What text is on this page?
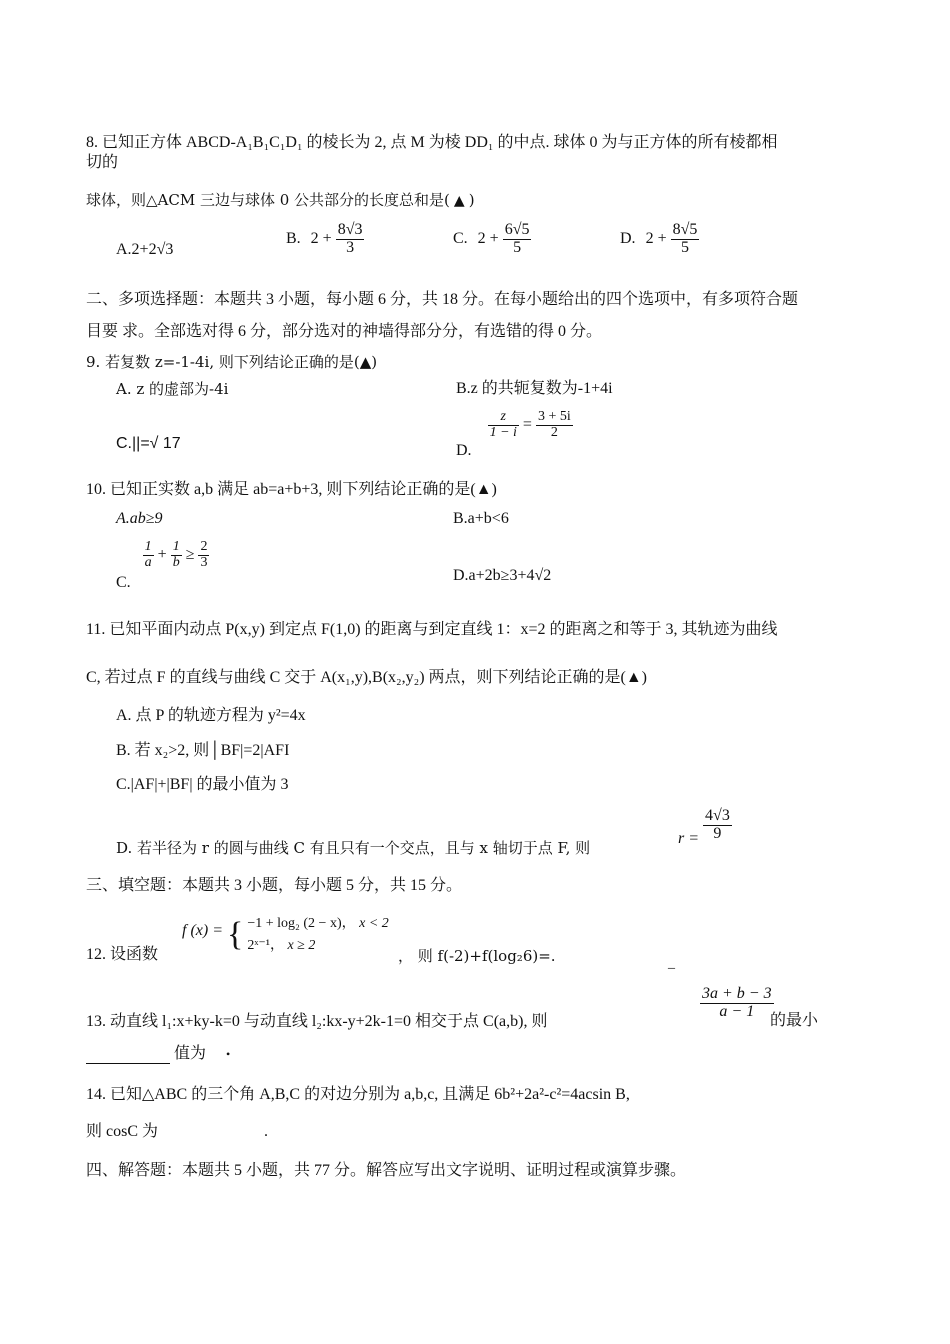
8. 已知正方体 ABCD-A₁B₁C₁D₁ 的棱长为 2, 点 M 为棱 DD₁ 的中点. 球体 0 为与正方体的所有棱都相
切的
球体，则△ACM 三边与球体 0 公共部分的长度总和是( ▲ )
A.2+2√3
B. $2 + \frac{8√3}{3}$	C. $2 + \frac{6√5}{5}$	D. $2 + \frac{8√5}{5}$
二、多项选择题：本题共 3 小题，每小题 6 分，共 18 分。在每小题给出的四个选项中，有多项符合题
目要 求。全部选对得 6 分，部分选对的神墙得部分分，有选错的得 0 分。
9. 若复数 z=-1-4i, 则下列结论正确的是(▲)
A. z 的虚部为-4i	B.z 的共轭复数为-1+4i
C.||=√ 17	D.
$\frac{z}{1 - i} = \frac{3 + 5i}{2}$
10. 已知正实数 a,b 满足 ab=a+b+3, 则下列结论正确的是(▲)
A.ab≥9	B.a+b<6
C.
$\frac{1}{a} + \frac{1}{b} \ge \frac{2}{3}$
D.a+2b≥3+4√2
11. 已知平面内动点 P(x,y) 到定点 F(1,0) 的距离与到定直线 1：x=2 的距离之和等于 3, 其轨迹为曲线
C, 若过点 F 的直线与曲线 C 交于 A(x₁,y),B(x₂,y₂) 两点，则下列结论正确的是(▲)
A. 点 P 的轨迹方程为 y²=4x
B. 若 x₂>2, 则│BF|=2|AFI
C.|AF|+|BF| 的最小值为 3
D. 若半径为 r 的圆与曲线 C 有且只有一个交点，且与 x 轴切于点 F, 则
$r = \frac{4√3}{9}$
三、填空题：本题共 3 小题，每小题 5 分，共 15 分。
12. 设函数
f (x) = { −1 + log₂ (2 − x)， x < 2
2ˣ⁻¹， x ≥ 2
， 则 f(-2)+f(log₂6)=.	_
13. 动直线 l₁:x+ky-k=0 与动直线 l₂:kx-y+2k-1=0 相交于点 C(a,b), 则
$\frac{3a + b - 3}{a - 1}$
的最小
值为 •
14. 已知△ABC 的三个角 A,B,C 的对边分别为 a,b,c, 且满足 6b²+2a²-c²=4acsin B,
则 cosC 为	.
四、解答题：本题共 5 小题，共 77 分。解答应写出文字说明、证明过程或演算步骤。
